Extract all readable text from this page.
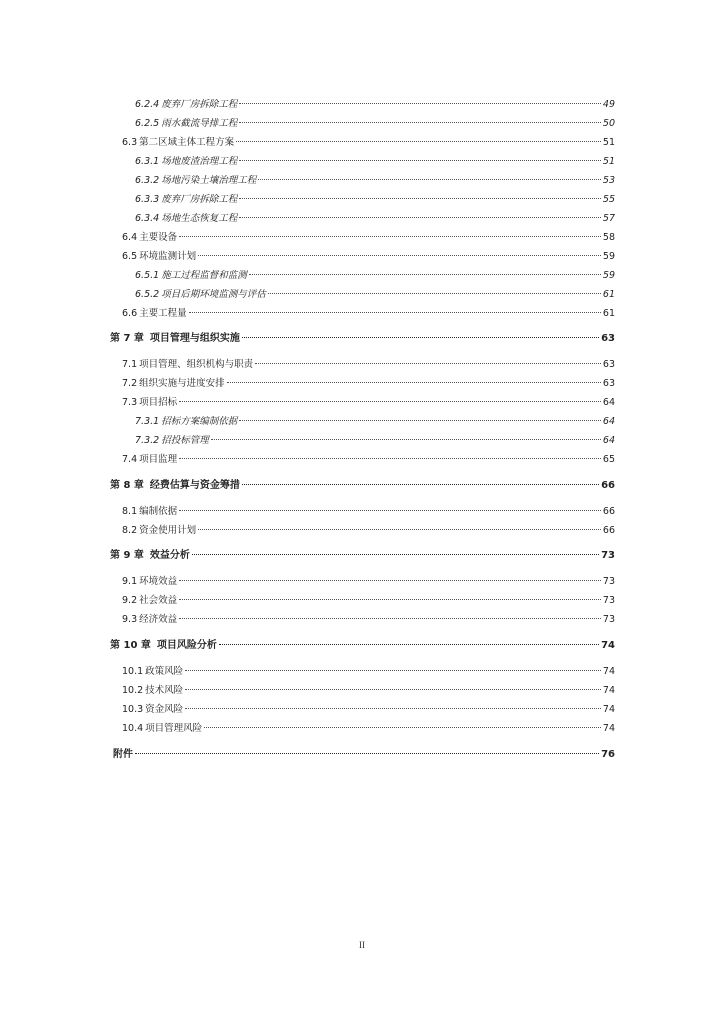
6.2.4 废弃厂房拆除工程	49
6.2.5 雨水截流导排工程	50
6.3 第二区域主体工程方案	51
6.3.1 场地废渣治理工程	51
6.3.2 场地污染土壤治理工程	53
6.3.3 废弃厂房拆除工程	55
6.3.4 场地生态恢复工程	57
6.4 主要设备	58
6.5 环境监测计划	59
6.5.1 施工过程监督和监测	59
6.5.2 项目后期环境监测与评估	61
6.6 主要工程量	61
第 7 章 项目管理与组织实施	63
7.1 项目管理、组织机构与职责	63
7.2 组织实施与进度安排	63
7.3 项目招标	64
7.3.1 招标方案编制依据	64
7.3.2 招投标管理	64
7.4 项目监理	65
第 8 章 经费估算与资金筹措	66
8.1 编制依据	66
8.2 资金使用计划	66
第 9 章 效益分析	73
9.1 环境效益	73
9.2 社会效益	73
9.3 经济效益	73
第 10 章 项目风险分析	74
10.1 政策风险	74
10.2 技术风险	74
10.3 资金风险	74
10.4 项目管理风险	74
附件	76
II
